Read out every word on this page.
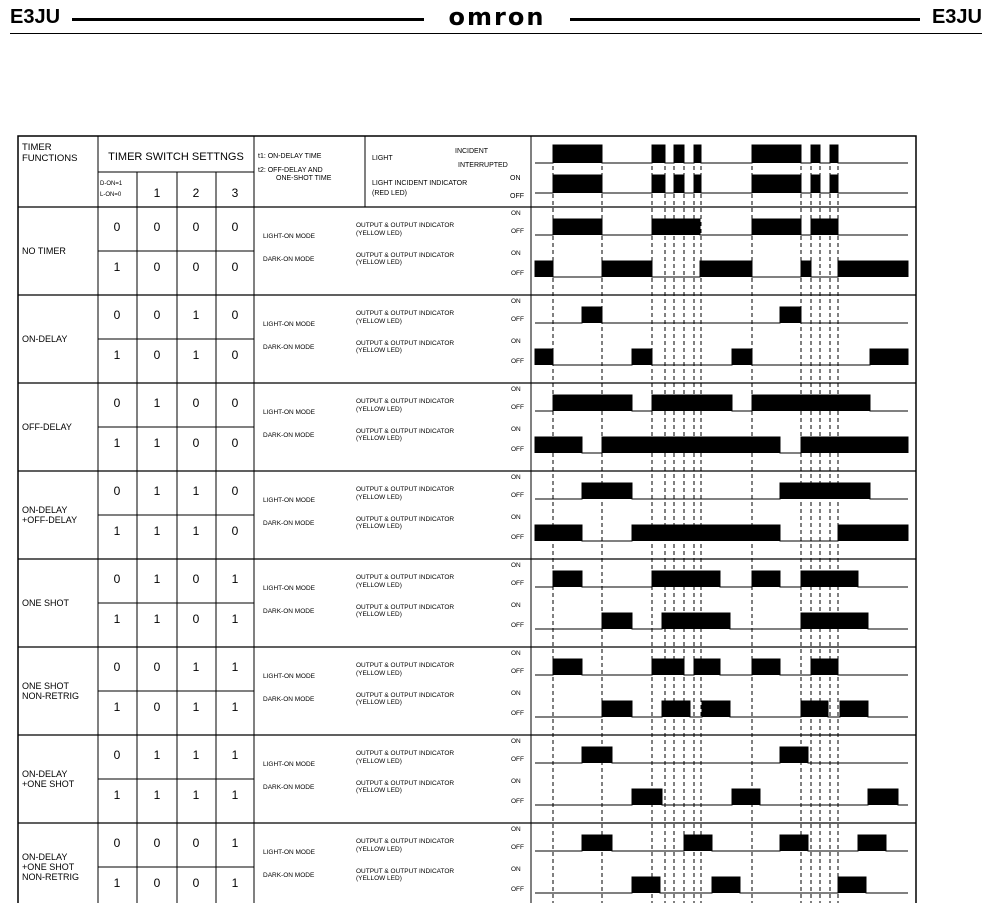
E3JU	omron	E3JU
TIMER
FUNCTIONS	TIMER SWITCH SETTNGS
D-ON=1
L-ON=0	1	2	3
t1: ON-DELAY TIME
t2: OFF-DELAY AND
ONE-SHOT TIME
LIGHT
INCIDENT
INTERRUPTED
LIGHT INCIDENT INDICATOR
(RED LED)
ON
OFF
NO TIMER
0	0	0	0
1	0	0	0
LIGHT-ON MODE
DARK-ON MODE
OUTPUT & OUTPUT INDICATOR
(YELLOW LED)
OUTPUT & OUTPUT INDICATOR
(YELLOW LED)
ON
ON
OFF
OFF
ON-DELAY
0	0	1	0
1	0	1	0
LIGHT-ON MODE
DARK-ON MODE
OUTPUT & OUTPUT INDICATOR
(YELLOW LED)
OUTPUT & OUTPUT INDICATOR
(YELLOW LED)
ON
ON
OFF
OFF
OFF-DELAY
0	1	0	0
1	1	0	0
LIGHT-ON MODE
DARK-ON MODE
OUTPUT & OUTPUT INDICATOR
(YELLOW LED)
OUTPUT & OUTPUT INDICATOR
(YELLOW LED)
ON
ON
OFF
OFF
ON-DELAY
+OFF-DELAY
0	1	1	0
1	1	1	0
LIGHT-ON MODE
DARK-ON MODE
OUTPUT & OUTPUT INDICATOR
(YELLOW LED)
OUTPUT & OUTPUT INDICATOR
(YELLOW LED)
ON
ON
OFF
OFF
ONE SHOT
0	1	0	1
1	1	0	1
LIGHT-ON MODE
DARK-ON MODE
OUTPUT & OUTPUT INDICATOR
(YELLOW LED)
OUTPUT & OUTPUT INDICATOR
(YELLOW LED)
ON
ON
OFF
OFF
ONE SHOT
NON-RETRIG
0	0	1	1
1	0	1	1
LIGHT-ON MODE
DARK-ON MODE
OUTPUT & OUTPUT INDICATOR
(YELLOW LED)
OUTPUT & OUTPUT INDICATOR
(YELLOW LED)
ON
ON
OFF
OFF
ON-DELAY
+ONE SHOT
0	1	1	1
1	1	1	1
LIGHT-ON MODE
DARK-ON MODE
OUTPUT & OUTPUT INDICATOR
(YELLOW LED)
OUTPUT & OUTPUT INDICATOR
(YELLOW LED)
ON
ON
OFF
OFF
ON-DELAY
+ONE SHOT
NON-RETRIG
0	0	0	1
1	0	0	1
LIGHT-ON MODE
DARK-ON MODE
OUTPUT & OUTPUT INDICATOR
(YELLOW LED)
OUTPUT & OUTPUT INDICATOR
(YELLOW LED)
ON
ON
OFF
OFF
